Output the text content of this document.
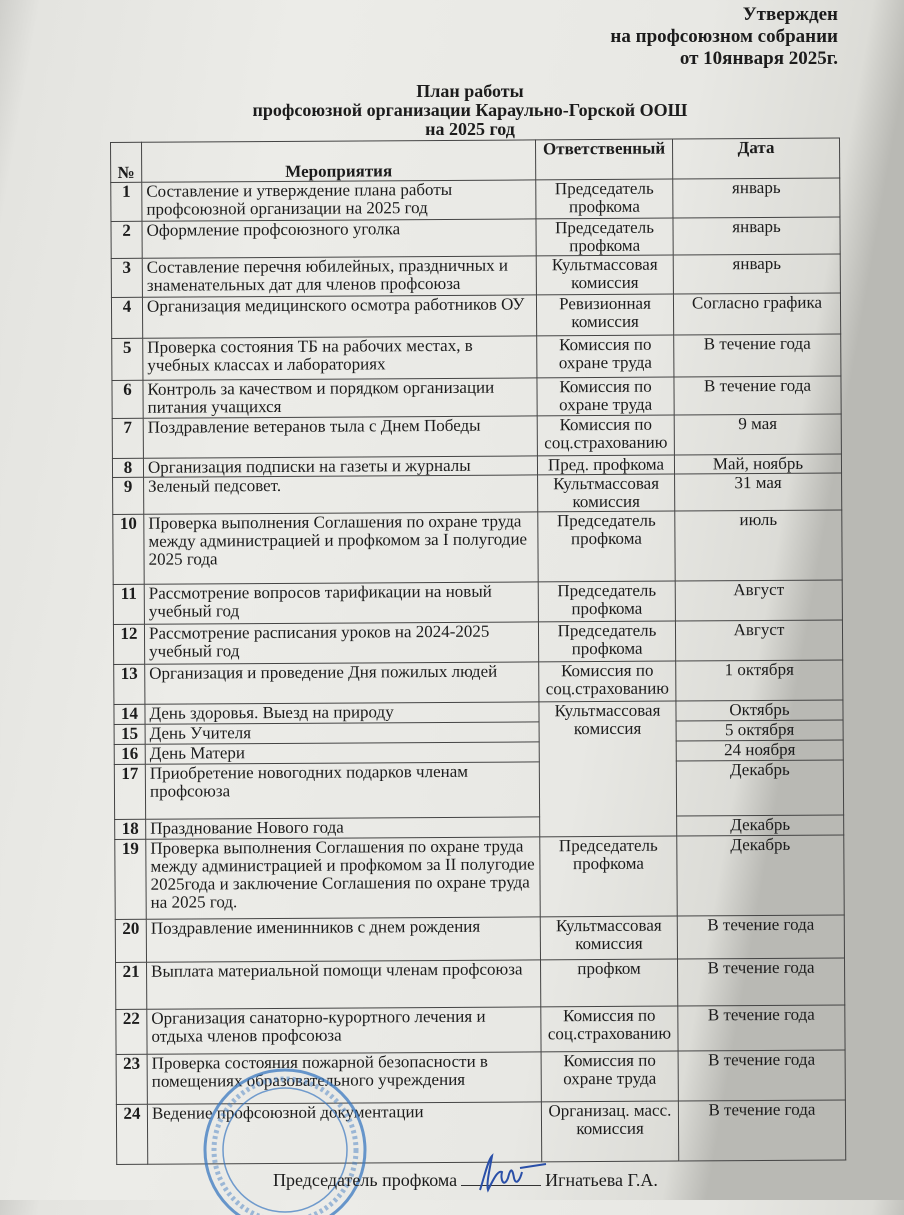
Утвержден
на профсоюзном собрании
от 10января 2025г.
План работы
профсоюзной организации Караульно-Горской ООШ
на 2025 год
№	Мероприятия	Ответственный	Дата
1	Составление и утверждение плана работы профсоюзной организации на 2025 год	Председатель профкома	январь
2	Оформление профсоюзного уголка	Председатель профкома	январь
3	Составление перечня юбилейных, праздничных и знаменательных дат для членов профсоюза	Культмассовая комиссия	январь
4	Организация медицинского осмотра работников ОУ	Ревизионная комиссия	Согласно графика
5	Проверка состояния ТБ на рабочих местах, в учебных классах и лабораториях	Комиссия по охране труда	В течение года
6	Контроль за качеством и порядком организации питания учащихся	Комиссия по охране труда	В течение года
7	Поздравление ветеранов тыла с Днем Победы	Комиссия по соц.страхованию	9 мая
8	Организация подписки на газеты и журналы	Пред. профкома	Май, ноябрь
9	Зеленый педсовет.	Культмассовая комиссия	31 мая
10	Проверка выполнения Соглашения по охране труда между администрацией и профкомом за I полугодие 2025 года	Председатель профкома	июль
11	Рассмотрение вопросов тарификации на новый учебный год	Председатель профкома	Август
12	Рассмотрение расписания уроков на 2024-2025 учебный год	Председатель профкома	Август
13	Организация и проведение Дня пожилых людей	Комиссия по соц.страхованию	1 октября
14	День здоровья. Выезд на природу	Культмассовая комиссия	Октябрь
15	День Учителя		5 октября
16	День Матери		24 ноября
17	Приобретение новогодних подарков членам профсоюза		Декабрь
18	Празднование Нового года		Декабрь
19	Проверка выполнения Соглашения по охране труда между администрацией и профкомом за II полугодие 2025года и заключение Соглашения по охране труда на 2025 год.	Председатель профкома	Декабрь
20	Поздравление именинников с днем рождения	Культмассовая комиссия	В течение года
21	Выплата материальной помощи членам профсоюза	профком	В течение года
22	Организация санаторно-курортного лечения и отдыха членов профсоюза	Комиссия по соц.страхованию	В течение года
23	Проверка состояния пожарной безопасности в помещениях образовательного учреждения	Комиссия по охране труда	В течение года
24	Ведение профсоюзной документации	Организац. масс. комиссия	В течение года
Председатель профкома	Игнатьева Г.А.
